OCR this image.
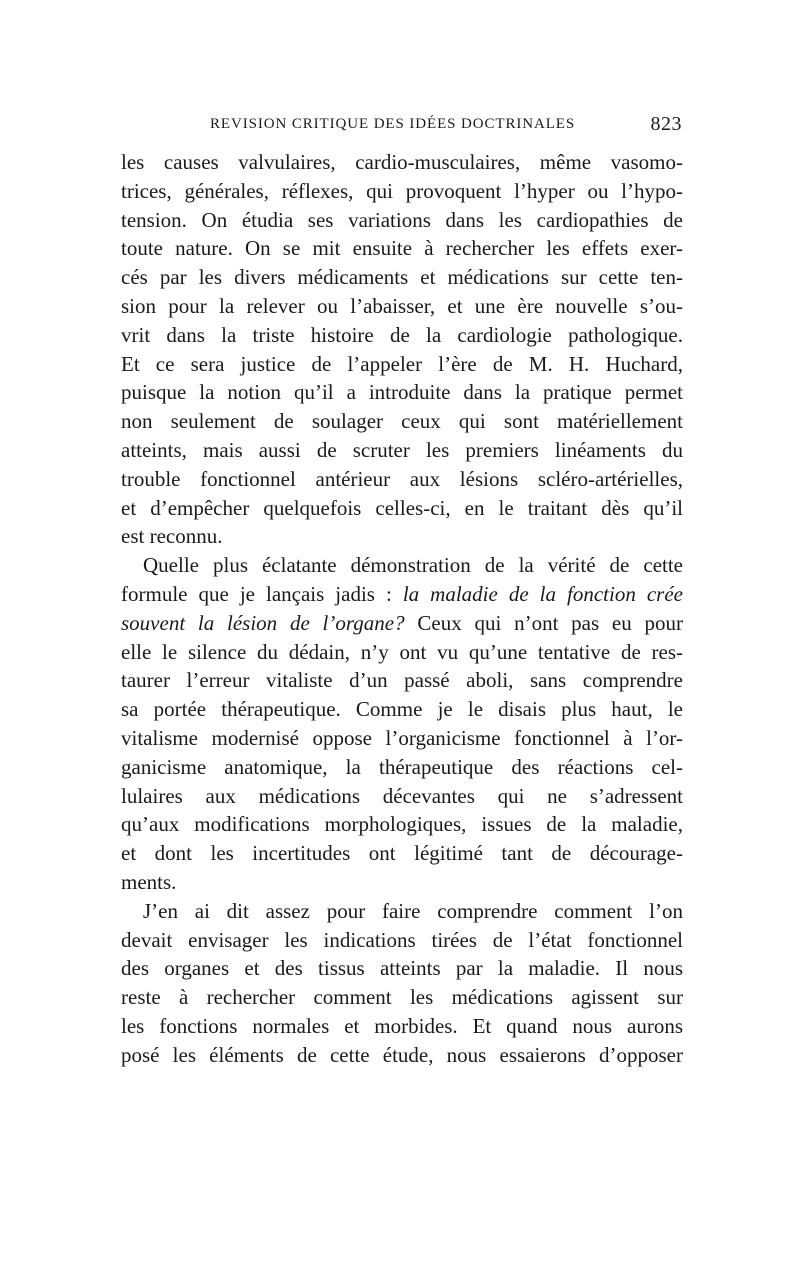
REVISION CRITIQUE DES IDÉES DOCTRINALES	823
les causes valvulaires, cardio-musculaires, même vasomo-
trices, générales, réflexes, qui provoquent l’hyper ou l’hypo-
tension. On étudia ses variations dans les cardiopathies de
toute nature. On se mit ensuite à rechercher les effets exer-
cés par les divers médicaments et médications sur cette ten-
sion pour la relever ou l’abaisser, et une ère nouvelle s’ou-
vrit dans la triste histoire de la cardiologie pathologique.
Et ce sera justice de l’appeler l’ère de M. H. Huchard,
puisque la notion qu’il a introduite dans la pratique permet
non seulement de soulager ceux qui sont matériellement
atteints, mais aussi de scruter les premiers linéaments du
trouble fonctionnel antérieur aux lésions scléro-artérielles,
et d’empêcher quelquefois celles-ci, en le traitant dès qu’il
est reconnu.
Quelle plus éclatante démonstration de la vérité de cette
formule que je lançais jadis : la maladie de la fonction crée
souvent la lésion de l’organe? Ceux qui n’ont pas eu pour
elle le silence du dédain, n’y ont vu qu’une tentative de res-
taurer l’erreur vitaliste d’un passé aboli, sans comprendre
sa portée thérapeutique. Comme je le disais plus haut, le
vitalisme modernisé oppose l’organicisme fonctionnel à l’or-
ganicisme anatomique, la thérapeutique des réactions cel-
lulaires aux médications décevantes qui ne s’adressent
qu’aux modifications morphologiques, issues de la maladie,
et dont les incertitudes ont légitimé tant de décourage-
ments.
J’en ai dit assez pour faire comprendre comment l’on
devait envisager les indications tirées de l’état fonctionnel
des organes et des tissus atteints par la maladie. Il nous
reste à rechercher comment les médications agissent sur
les fonctions normales et morbides. Et quand nous aurons
posé les éléments de cette étude, nous essaierons d’opposer
